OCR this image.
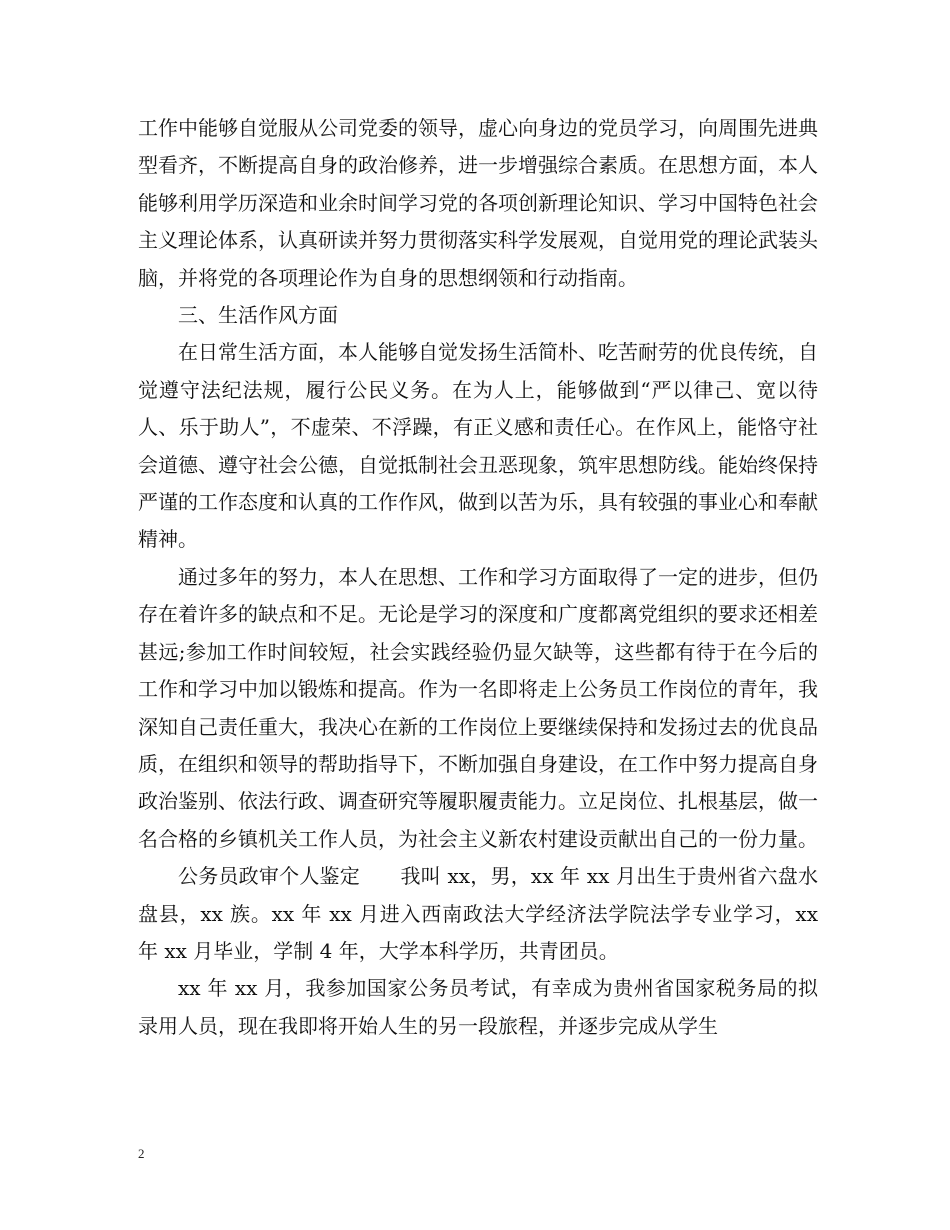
工作中能够自觉服从公司党委的领导，虚心向身边的党员学习，向周围先进典型看齐，不断提高自身的政治修养，进一步增强综合素质。在思想方面，本人能够利用学历深造和业余时间学习党的各项创新理论知识、学习中国特色社会主义理论体系，认真研读并努力贯彻落实科学发展观，自觉用党的理论武装头脑，并将党的各项理论作为自身的思想纲领和行动指南。

三、生活作风方面

在日常生活方面，本人能够自觉发扬生活简朴、吃苦耐劳的优良传统，自觉遵守法纪法规，履行公民义务。在为人上，能够做到“严以律己、宽以待人、乐于助人”，不虚荣、不浮躁，有正义感和责任心。在作风上，能恪守社会道德、遵守社会公德，自觉抵制社会丑恶现象，筑牢思想防线。能始终保持严谨的工作态度和认真的工作作风，做到以苦为乐，具有较强的事业心和奉献精神。

通过多年的努力，本人在思想、工作和学习方面取得了一定的进步，但仍存在着许多的缺点和不足。无论是学习的深度和广度都离党组织的要求还相差甚远;参加工作时间较短，社会实践经验仍显欠缺等，这些都有待于在今后的工作和学习中加以锻炼和提高。作为一名即将走上公务员工作岗位的青年，我深知自己责任重大，我决心在新的工作岗位上要继续保持和发扬过去的优良品质，在组织和领导的帮助指导下，不断加强自身建设，在工作中努力提高自身政治鉴别、依法行政、调查研究等履职履责能力。立足岗位、扎根基层，做一名合格的乡镇机关工作人员，为社会主义新农村建设贡献出自己的一份力量。

公务员政审个人鉴定　　我叫 xx，男，xx 年 xx 月出生于贵州省六盘水盘县，xx 族。xx 年 xx 月进入西南政法大学经济法学院法学专业学习，xx 年 xx 月毕业，学制 4 年，大学本科学历，共青团员。

xx 年 xx 月，我参加国家公务员考试，有幸成为贵州省国家税务局的拟录用人员，现在我即将开始人生的另一段旅程，并逐步完成从学生

2
